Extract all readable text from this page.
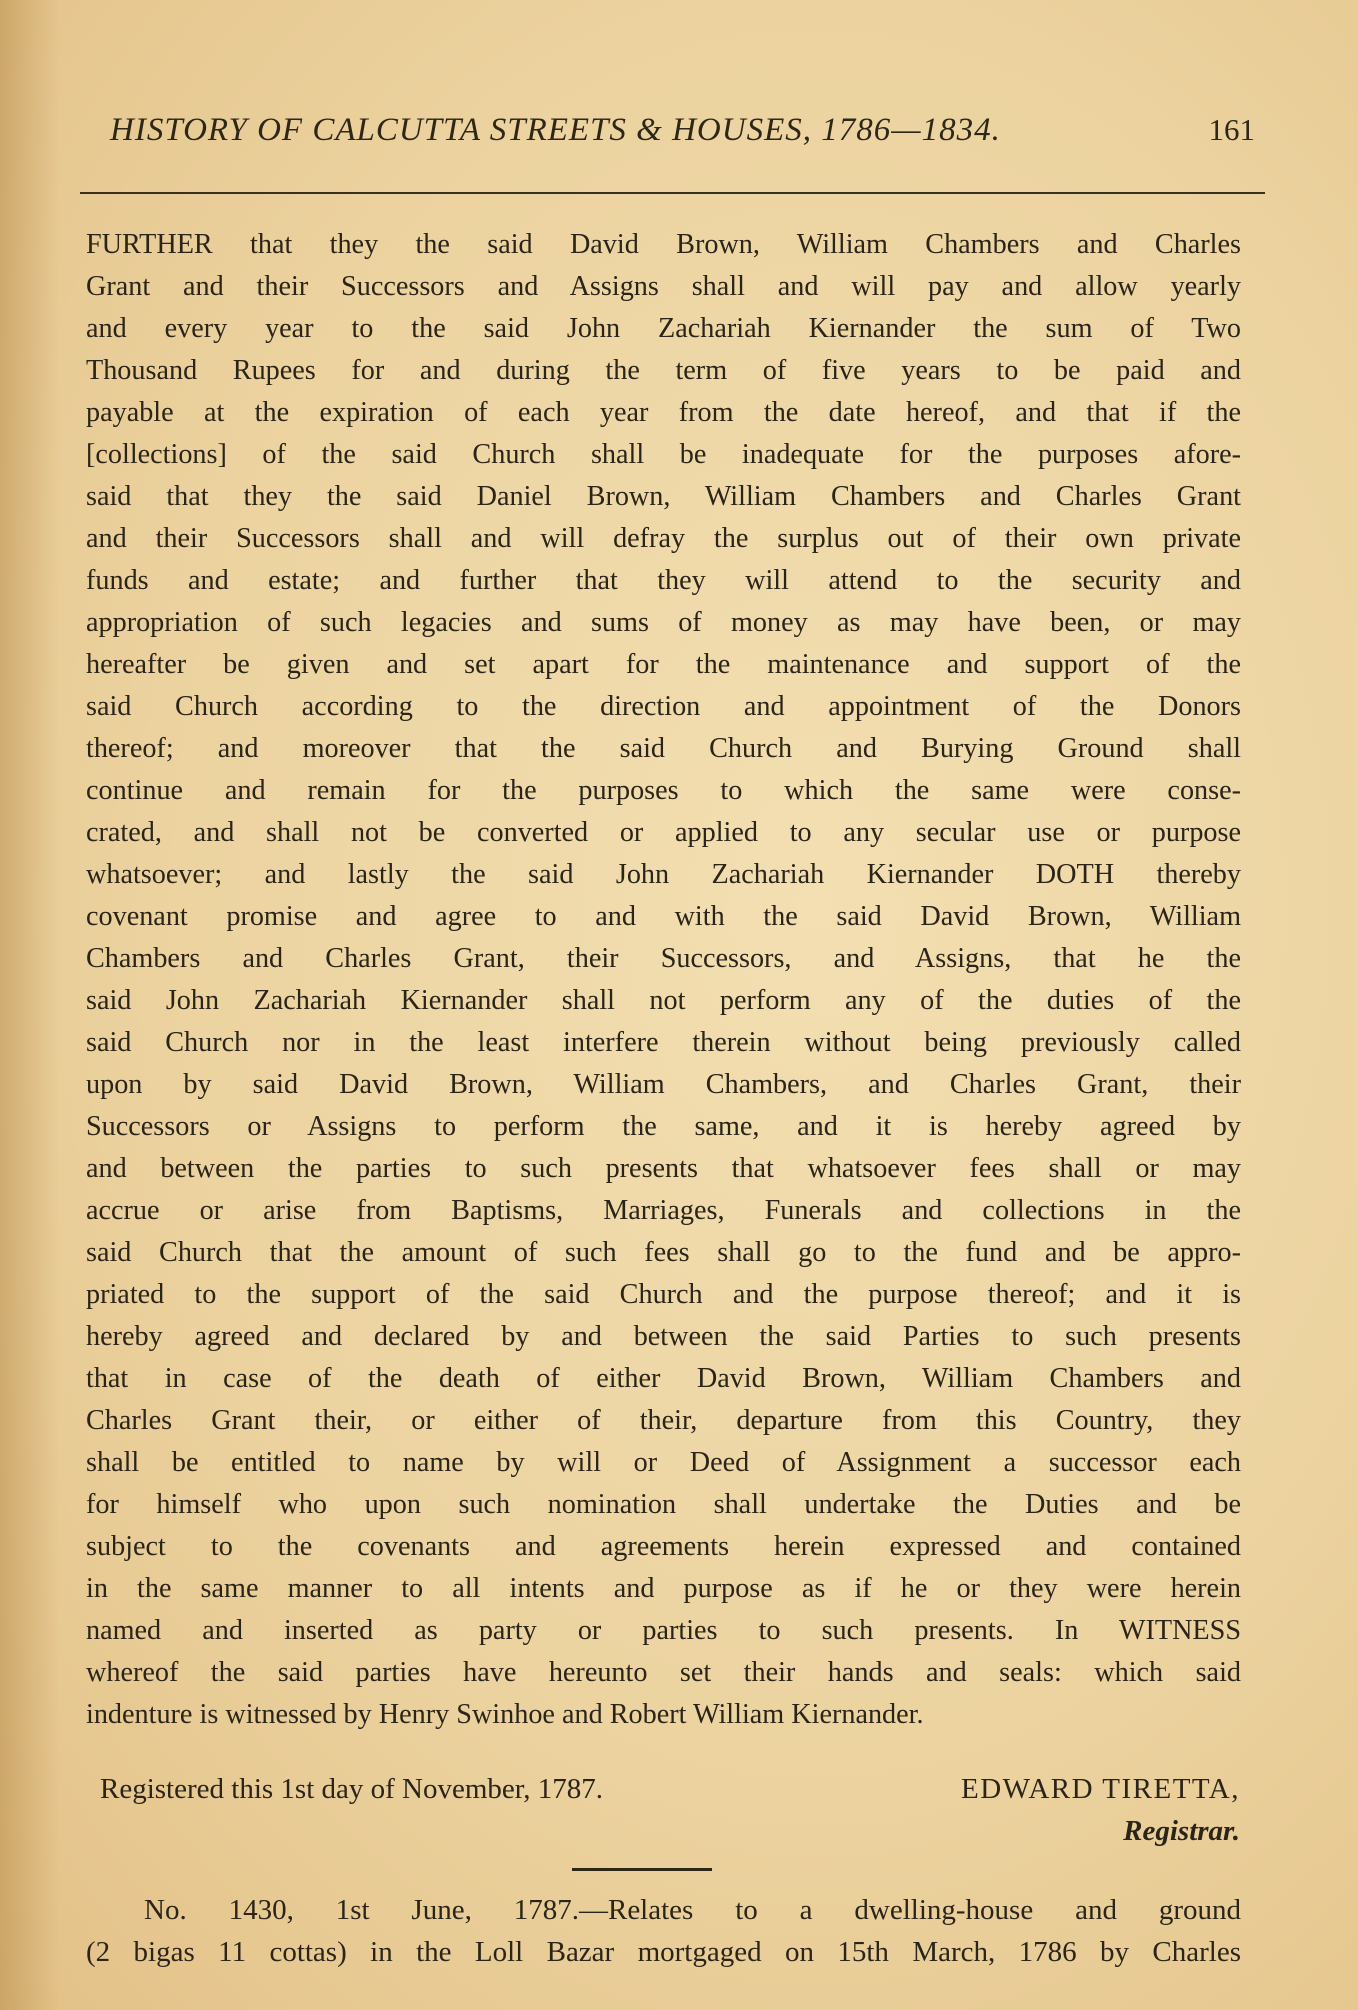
HISTORY OF CALCUTTA STREETS & HOUSES, 1786—1834.	161
FURTHER that they the said David Brown, William Chambers and Charles
Grant and their Successors and Assigns shall and will pay and allow yearly
and every year to the said John Zachariah Kiernander the sum of Two
Thousand Rupees for and during the term of five years to be paid and
payable at the expiration of each year from the date hereof, and that if the
[collections] of the said Church shall be inadequate for the purposes afore-
said that they the said Daniel Brown, William Chambers and Charles Grant
and their Successors shall and will defray the surplus out of their own private
funds and estate; and further that they will attend to the security and
appropriation of such legacies and sums of money as may have been, or may
hereafter be given and set apart for the maintenance and support of the
said Church according to the direction and appointment of the Donors
thereof; and moreover that the said Church and Burying Ground shall
continue and remain for the purposes to which the same were conse-
crated, and shall not be converted or applied to any secular use or purpose
whatsoever; and lastly the said John Zachariah Kiernander DOTH thereby
covenant promise and agree to and with the said David Brown, William
Chambers and Charles Grant, their Successors, and Assigns, that he the
said John Zachariah Kiernander shall not perform any of the duties of the
said Church nor in the least interfere therein without being previously called
upon by said David Brown, William Chambers, and Charles Grant, their
Successors or Assigns to perform the same, and it is hereby agreed by
and between the parties to such presents that whatsoever fees shall or may
accrue or arise from Baptisms, Marriages, Funerals and collections in the
said Church that the amount of such fees shall go to the fund and be appro-
priated to the support of the said Church and the purpose thereof; and it is
hereby agreed and declared by and between the said Parties to such presents
that in case of the death of either David Brown, William Chambers and
Charles Grant their, or either of their, departure from this Country, they
shall be entitled to name by will or Deed of Assignment a successor each
for himself who upon such nomination shall undertake the Duties and be
subject to the covenants and agreements herein expressed and contained
in the same manner to all intents and purpose as if he or they were herein
named and inserted as party or parties to such presents. In WITNESS
whereof the said parties have hereunto set their hands and seals: which said
indenture is witnessed by Henry Swinhoe and Robert William Kiernander.
Registered this 1st day of November, 1787.	EDWARD TIRETTA,
Registrar.
No. 1430, 1st June, 1787.—Relates to a dwelling-house and ground
(2 bigas 11 cottas) in the Loll Bazar mortgaged on 15th March, 1786 by Charles
